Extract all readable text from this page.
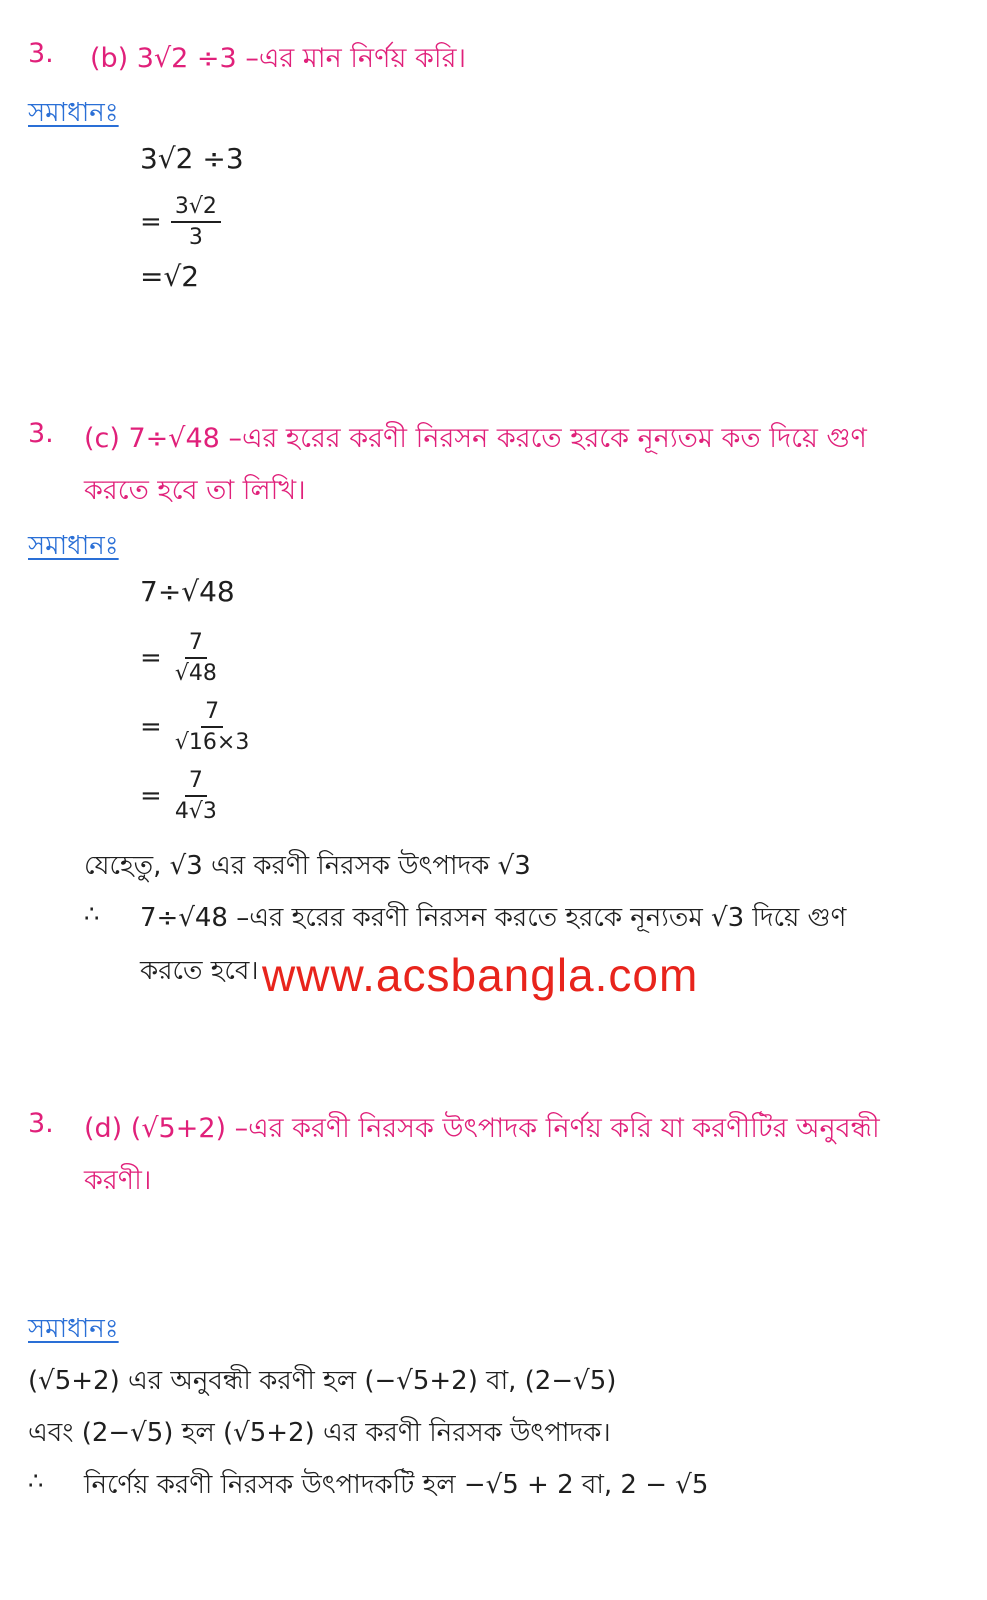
3. (b) 3√2 ÷3 –এর মান নির্ণয় করি।
সমাধানঃ
3√2 ÷3
= $\frac{3√2}{3}$
=√2
3. (c) 7÷√48 –এর হরের করণী নিরসন করতে হরকে নূন্যতম কত দিয়ে গুণ
করতে হবে তা লিখি।
সমাধানঃ
7÷√48
= $\frac{7}{√48}$
= $\frac{7}{√16\times 3}$
= $\frac{7}{4√3}$
যেহেতু, √3 এর করণী নিরসক উৎপাদক √3
∴ 7÷√48 –এর হরের করণী নিরসন করতে হরকে নূন্যতম √3 দিয়ে গুণ
করতে হবে। www.acsbangla.com
3. (d) (√5+2) –এর করণী নিরসক উৎপাদক নির্ণয় করি যা করণীটির অনুবন্ধী
করণী।
সমাধানঃ
(√5+2) এর অনুবন্ধী করণী হল (−√5+2) বা, (2−√5)
এবং (2−√5) হল (√5+2) এর করণী নিরসক উৎপাদক।
∴ নির্ণেয় করণী নিরসক উৎপাদকটি হল −√5 + 2 বা, 2 − √5
